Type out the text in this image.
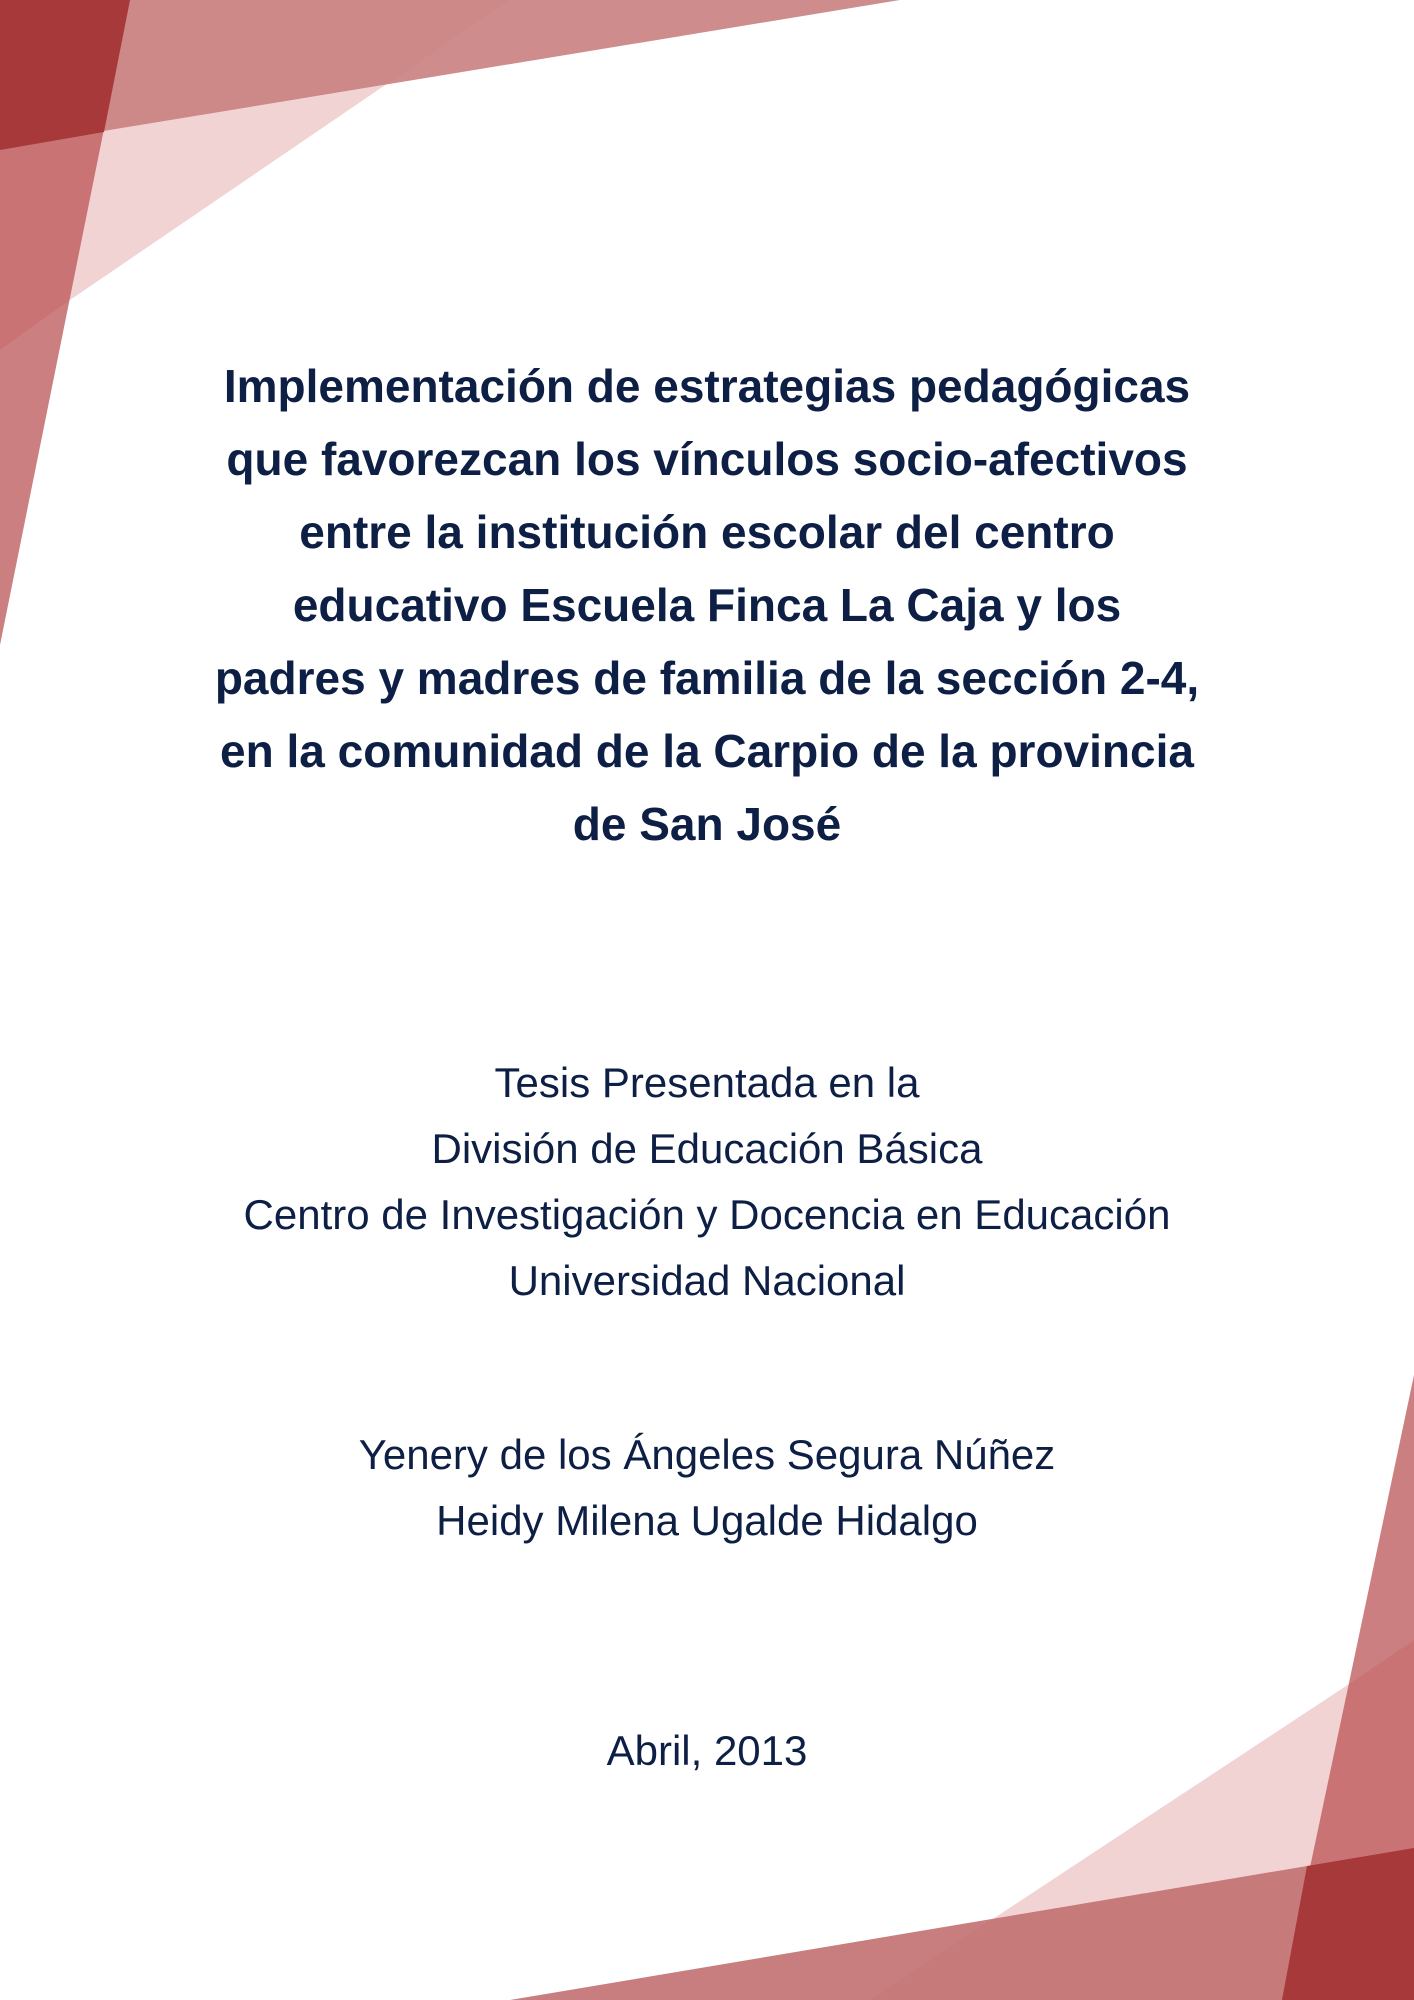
Implementación de estrategias pedagógicas
que favorezcan los vínculos socio-afectivos
entre la institución escolar del centro
educativo Escuela Finca La Caja y los
padres y madres de familia de la sección 2-4,
en la comunidad de la Carpio de la provincia
de San José
Tesis Presentada en la
División de Educación Básica
Centro de Investigación y Docencia en Educación
Universidad Nacional
Yenery de los Ángeles Segura Núñez
Heidy Milena Ugalde Hidalgo
Abril, 2013
